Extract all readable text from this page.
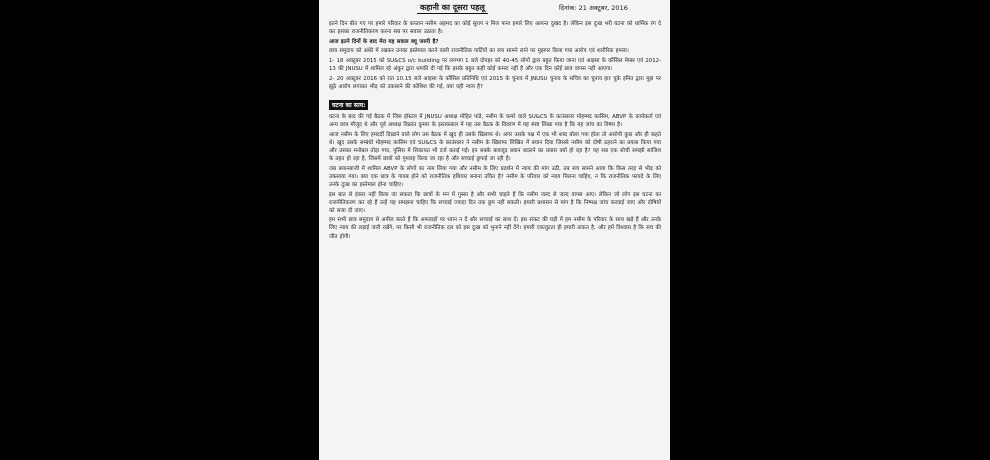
कहानी का दूसरा पहलू	दिनांक: 21 अक्टूबर, 2016

इतने दिन बीत गए पर हमारे परिवार के कप्तान नसीम अहमद का कोई सुराग न मिल पाना हमारे लिए अत्यन्त दुखद है। लेकिन इस दुःख भरी घटना को धार्मिक रंग दे कर इसका राजनीतिकरण करना सब पर सवाल उठाता है।

आज इतने दिनों के बाद मेरा यह सवाल क्यू जरुरी है?

छात्र समुदाय को अंधेरे में रखकर उनका इस्तेमाल करने वाली राजनीतिक पार्टियों का सच सामने लाने पर मुझपर किया गया आरोप एवं शारीरिक हमला।

1- 18 अक्टूबर 2015 को SU&CS o/c building पर लगभग 1 बजे दोपहर को 40-45 लोगों द्वारा बहुत किया जाना एवं आइसा के कौंसिल मेम्बर एवं 2012-13 की JNUSU में शामिल रहे अंकुर द्वारा धमकी दी गई कि इसके बहुत कहीं कोई कमरा नहीं है और एक दिन कोई छात्र वापस नहीं आएगा।

2- 20 अक्टूबर 2016 को रात 10.15 बजे आइसा के कौंसिल प्रतिनिधि एवं 2015 के चुनाव में JNUSU चुनाव के सचिव का चुनाव हार चुके इमित द्वारा मुझ पर झूठे आरोप लगाकर भीड़ को उकसाने की कोशिश की गई, क्या यही न्याय है?

घटना का सत्य:

घटना के बाद की गई बैठक में जिस हॉस्टल में JNUSU अध्यक्ष मोहित पांडे, नसीम के कमरे वाले SU&CS के काउंसलर मोहम्मद कासिम, ABVP के कार्यकर्ता एवं अन्य छात्र मौजूद थे और पूर्व अध्यक्ष विक्रांत कुमार के इस्तकबाल में यह उस बैठक के विवरण में यह स्पष्ट लिखा गया है कि यह जांच का विषय है।

आज नसीम के लिए हमदर्दी दिखाने वाले लोग उस बैठक में खुद ही उसके खिलाफ थे। अगर उसके पक्ष में एक भी शब्द बोला गया होता तो आरोपी कुछ और ही कहते थे। खुद उसके सम्बंधी मोहम्मद कासिम एवं SU&CS के काउंसलर ने नसीम के खिलाफ लिखित में बयान दिया जिससे नसीम को दोषी ठहराने का प्रयास किया गया और उसका मनोबल तोड़ा गया, पुलिस में शिकायत भी दर्ज कराई गई। इन सबके बावजूद बयान बदलने का प्रयास क्यों हो रहा है? यह सब एक सोची समझी साजिश के तहत हो रहा है, जिसमें छात्रों को गुमराह किया जा रहा है और सच्चाई छुपाई जा रही है।

जब बयानबाजी में शामिल ABVP के लोगों का नाम लिया गया और नसीम के लिए प्रदर्शन में न्याय की मांग उठी, तब सच सामने आया कि किस तरह से भीड़ को उकसाया गया। क्या एक छात्र के गायब होने को राजनीतिक हथियार बनाना उचित है? नसीम के परिवार को न्याय मिलना चाहिए, न कि राजनीतिक फायदे के लिए उनके दुःख का इस्तेमाल होना चाहिए।

इस बात से इंकार नहीं किया जा सकता कि छात्रों के मन में गुस्सा है और सभी चाहते हैं कि नसीम जल्द से जल्द वापस आए। लेकिन जो लोग इस घटना का राजनीतिकरण कर रहे हैं उन्हें यह समझना चाहिए कि सच्चाई ज्यादा दिन तक छुप नहीं सकती। हमारी प्रशासन से मांग है कि निष्पक्ष जांच करवाई जाए और दोषियों को सजा दी जाए।

हम सभी छात्र समुदाय से अपील करते हैं कि अफवाहों पर ध्यान न दें और सच्चाई का साथ दें। इस संकट की घड़ी में हम नसीम के परिवार के साथ खड़े हैं और उनके लिए न्याय की लड़ाई जारी रखेंगे, पर किसी भी राजनीतिक दल को इस दुःख को भुनाने नहीं देंगे। हमारी एकजुटता ही हमारी ताकत है, और हमें विश्वास है कि सच की जीत होगी।
